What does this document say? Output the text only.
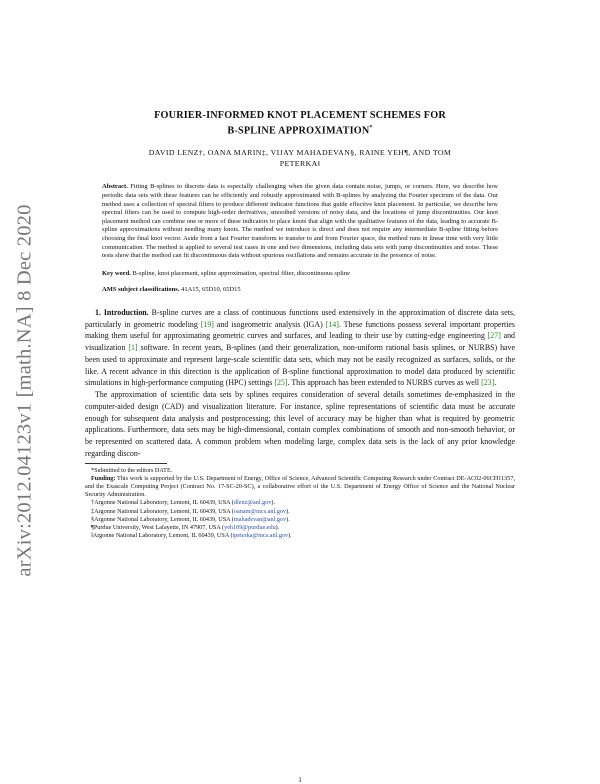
arXiv:2012.04123v1 [math.NA] 8 Dec 2020
FOURIER-INFORMED KNOT PLACEMENT SCHEMES FOR
B-SPLINE APPROXIMATION*
DAVID LENZ†, OANA MARIN‡, VIJAY MAHADEVAN§, RAINE YEH¶, AND TOM
PETERKA‖
Abstract. Fitting B-splines to discrete data is especially challenging when the given data contain noise, jumps, or corners. Here, we describe how periodic data sets with these features can be efficiently and robustly approximated with B-splines by analyzing the Fourier spectrum of the data. Our method uses a collection of spectral filters to produce different indicator functions that guide effective knot placement. In particular, we describe how spectral filters can be used to compute high-order derivatives, smoothed versions of noisy data, and the locations of jump discontinuities. Our knot placement method can combine one or more of these indicators to place knots that align with the qualitative features of the data, leading to accurate B-spline approximations without needing many knots. The method we introduce is direct and does not require any intermediate B-spline fitting before choosing the final knot vector. Aside from a fast Fourier transform to transfer to and from Fourier space, the method runs in linear time with very little communication. The method is applied to several test cases in one and two dimensions, including data sets with jump discontinuities and noise. These tests show that the method can fit discontinuous data without spurious oscillations and remains accurate in the presence of noise.
Key word. B-spline, knot placement, spline approximation, spectral filter, discontinuous spline
AMS subject classifications. 41A15, 65D10, 65D15

1. Introduction. B-spline curves are a class of continuous functions used extensively in the approximation of discrete data sets, particularly in geometric modeling [19] and isogeometric analysis (IGA) [14]. These functions possess several important properties making them useful for approximating geometric curves and surfaces, and leading to their use by cutting-edge engineering [27] and visualization [1] software. In recent years, B-splines (and their generalization, non-uniform rational basis splines, or NURBS) have been used to approximate and represent large-scale scientific data sets, which may not be easily recognized as surfaces, solids, or the like. A recent advance in this direction is the application of B-spline functional approximation to model data produced by scientific simulations in high-performance computing (HPC) settings [25]. This approach has been extended to NURBS curves as well [23].

The approximation of scientific data sets by splines requires consideration of several details sometimes de-emphasized in the computer-aided design (CAD) and visualization literature. For instance, spline representations of scientific data must be accurate enough for subsequent data analysis and postprocessing; this level of accuracy may be higher than what is required by geometric applications. Furthermore, data sets may be high-dimensional, contain complex combinations of smooth and non-smooth behavior, or be represented on scattered data. A common problem when modeling large, complex data sets is the lack of any prior knowledge regarding discon-

*Submitted to the editors DATE.
Funding: This work is supported by the U.S. Department of Energy, Office of Science, Advanced Scientific Computing Research under Contract DE-AC02-06CH11357, and the Exascale Computing Project (Contract No. 17-SC-20-SC), a collaborative effort of the U.S. Department of Energy Office of Science and the National Nuclear Security Administration.
†Argonne National Laboratory, Lemont, IL 60439, USA (dlenz@anl.gov).
‡Argonne National Laboratory, Lemont, IL 60439, USA (oanam@mcs.anl.gov).
§Argonne National Laboratory, Lemont, IL 60439, USA (mahadevan@anl.gov).
¶Purdue University, West Lafayette, IN 47907, USA (yeh109@purdue.edu).
‖Argonne National Laboratory, Lemont, IL 60439, USA (tpeterka@mcs.anl.gov).
1
